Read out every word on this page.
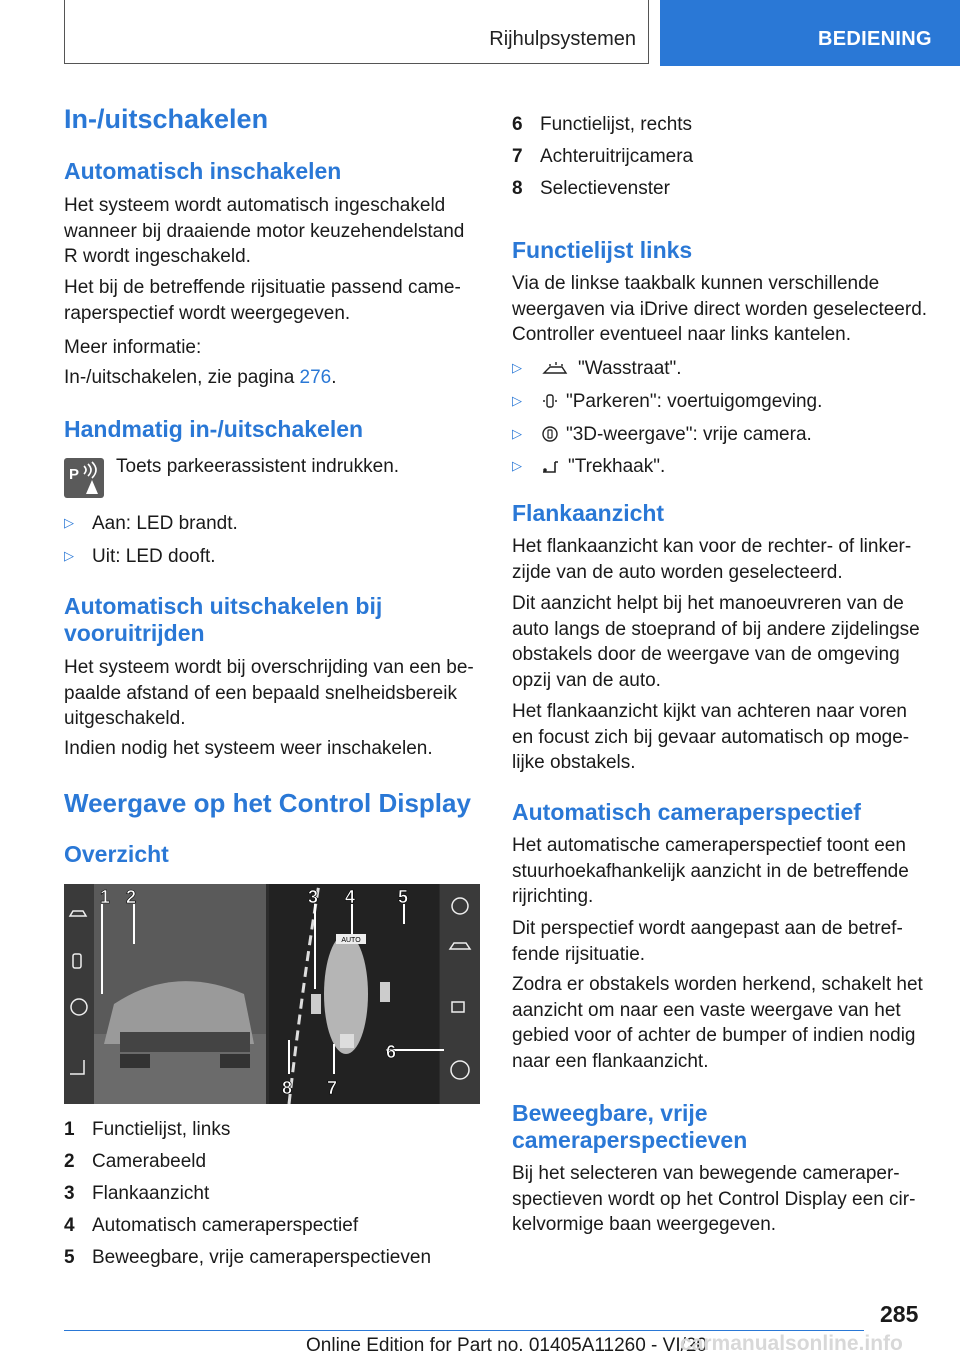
Rijhulpsystemen	BEDIENING
In-/uitschakelen
Automatisch inschakelen

Het systeem wordt automatisch ingeschakeld wanneer bij draaiende motor keuzehendelstand R wordt ingeschakeld.

Het bij de betreffende rijsituatie passend cameraperspectief wordt weergegeven.

Meer informatie:

In-/uitschakelen, zie pagina 276.

Handmatig in-/uitschakelen

Toets parkeerassistent indrukken.

▷ Aan: LED brandt.
▷ Uit: LED dooft.
Automatisch uitschakelen bij vooruitrijden

Het systeem wordt bij overschrijding van een bepaalde afstand of een bepaald snelheidsbereik uitgeschakeld.

Indien nodig het systeem weer inschakelen.

Weergave op het Control Display
Overzicht
1 Functielijst, links
2 Camerabeeld
3 Flankaanzicht
4 Automatisch cameraperspectief
5 Beweegbare, vrije cameraperspectieven
P
AUTO
1 2	3 4 5
6
7
8
6 Functielijst, rechts
7 Achteruitrijcamera
8 Selectievenster
Functielijst links

Via de linkse taakbalk kunnen verschillende weergaven via iDrive direct worden geselecteerd. Controller eventueel naar links kantelen.

▷	"Wasstraat".
▷ "Parkeren": voertuigomgeving.
▷ "3D-weergave": vrije camera.
▷ "Trekhaak".
Flankaanzicht

Het flankaanzicht kan voor de rechter- of linkerzijde van de auto worden geselecteerd.

Dit aanzicht helpt bij het manoeuvreren van de auto langs de stoeprand of bij andere zijdelingse obstakels door de weergave van de omgeving opzij van de auto.

Het flankaanzicht kijkt van achteren naar voren en focust zich bij gevaar automatisch op mogelijke obstakels.

Automatisch cameraperspectief

Het automatische cameraperspectief toont een stuurhoekafhankelijk aanzicht in de betreffende rijrichting.

Dit perspectief wordt aangepast aan de betreffende rijsituatie.

Zodra er obstakels worden herkend, schakelt het aanzicht om naar een vaste weergave van het gebied voor of achter de bumper of indien nodig naar een flankaanzicht.

Beweegbare, vrije cameraperspectieven

Bij het selecteren van bewegende cameraperspectieven wordt op het Control Display een cirkelvormige baan weergegeven.

285
Online Edition for Part no. 01405A11260 - VI/20
carmanualsonline.info
